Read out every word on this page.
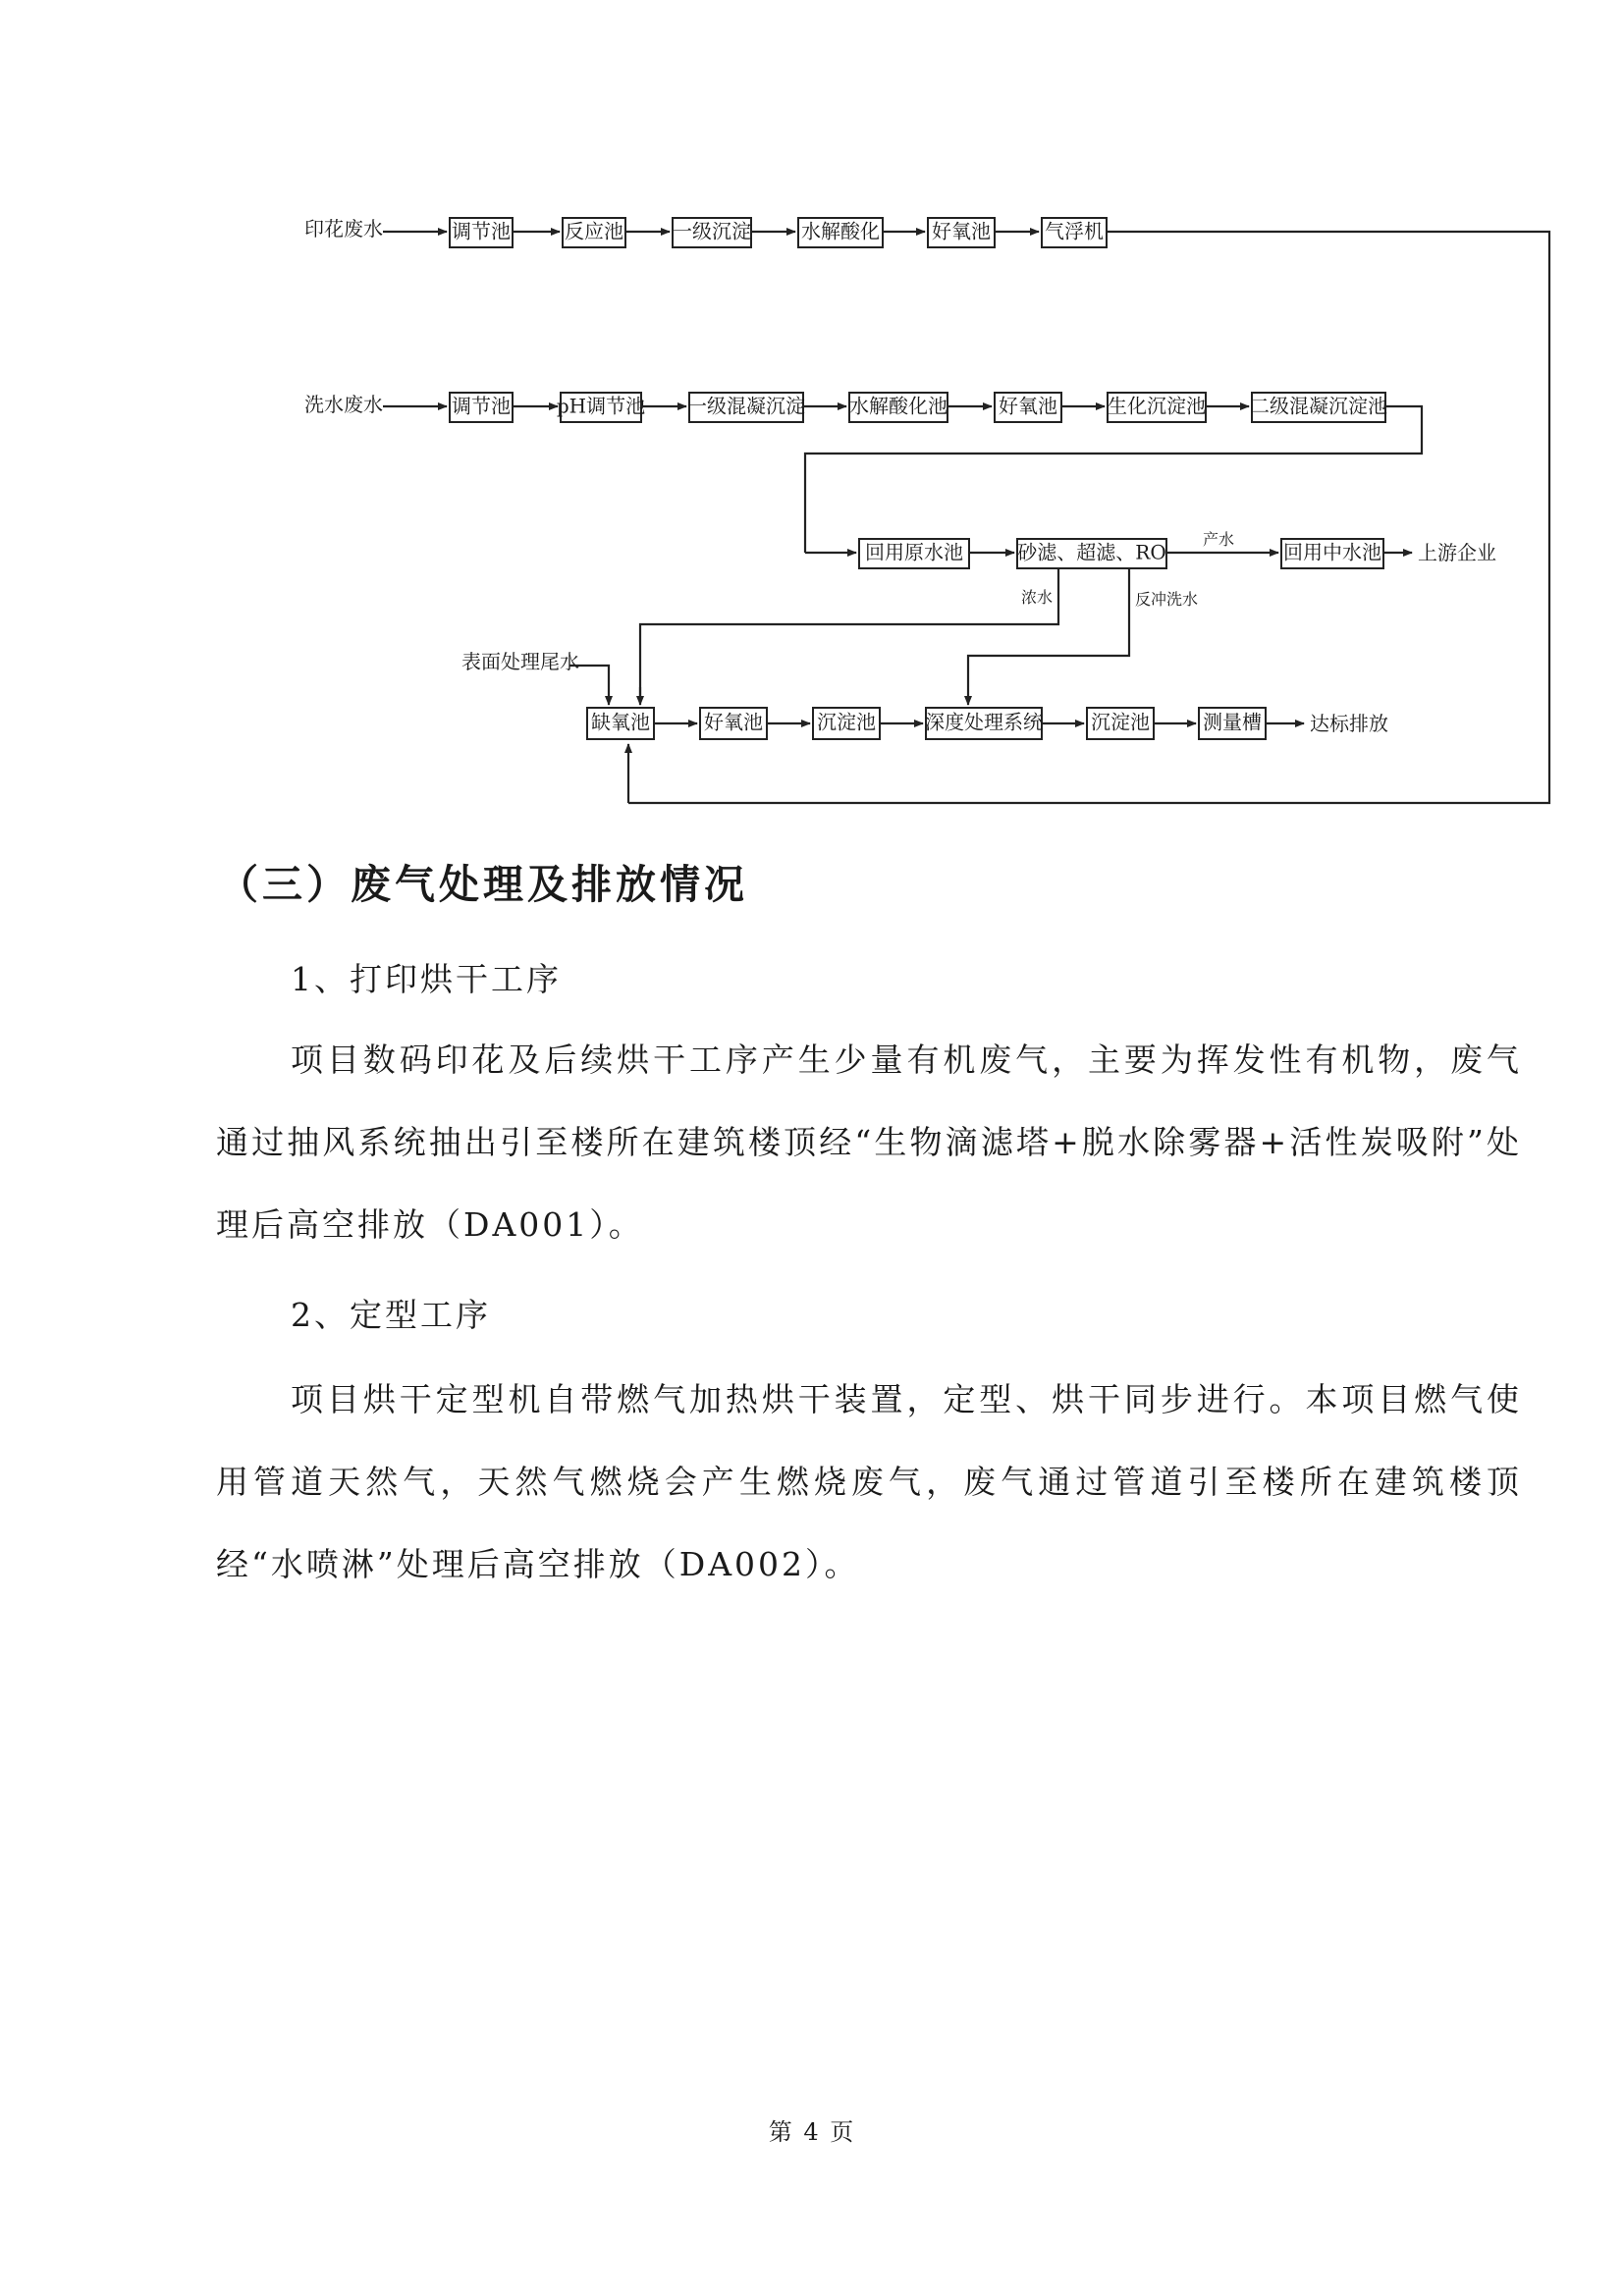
印花废水	调节池	反应池	一级沉淀	水解酸化	好氧池	气浮机
洗水废水	调节池 pH调节池 一级混凝沉淀 水解酸化池	好氧池	生化沉淀池 二级混凝沉淀池
回用原水池	砂滤、超滤、RO
产水
回用中水池 上游企业
浓水	反冲洗水
表面处理尾水
缺氧池	好氧池	沉淀池	深度处理系统 沉淀池	测量槽 达标排放
（三）废气处理及排放情况
1、打印烘干工序
项目数码印花及后续烘干工序产生少量有机废气，主要为挥发性有机物，废气通过抽风系统抽出引至楼所在建筑楼顶经“生物滴滤塔+脱水除雾器+活性炭吸附”处理后高空排放（DA001）。
2、定型工序
项目烘干定型机自带燃气加热烘干装置，定型、烘干同步进行。本项目燃气使用管道天然气，天然气燃烧会产生燃烧废气，废气通过管道引至楼所在建筑楼顶经“水喷淋”处理后高空排放（DA002）。
第 4 页
